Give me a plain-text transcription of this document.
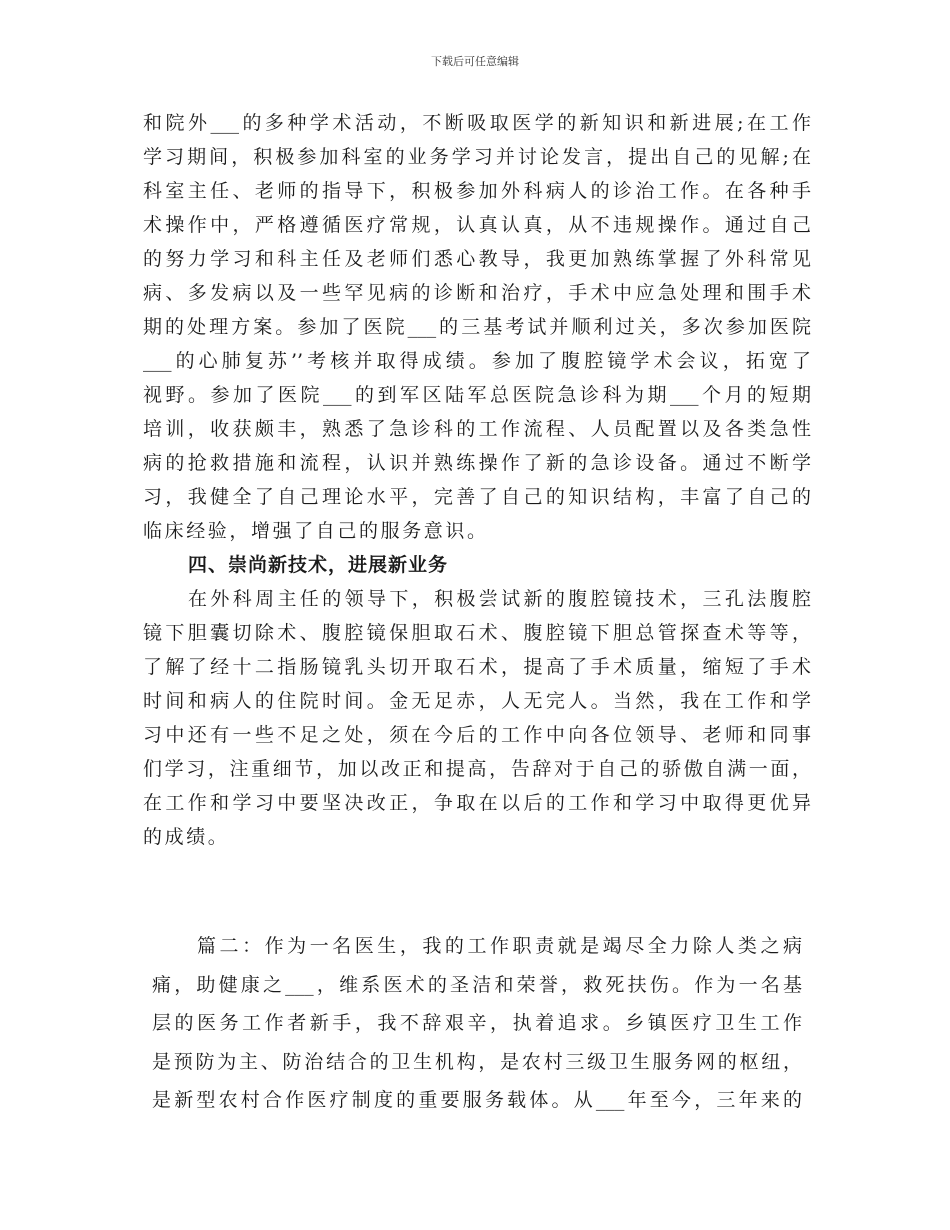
下载后可任意编辑
和院外___的多种学术活动，不断吸取医学的新知识和新进展;在工作
学习期间，积极参加科室的业务学习并讨论发言，提出自己的见解;在
科室主任、老师的指导下，积极参加外科病人的诊治工作。在各种手
术操作中，严格遵循医疗常规，认真认真，从不违规操作。通过自己
的努力学习和科主任及老师们悉心教导，我更加熟练掌握了外科常见
病、多发病以及一些罕见病的诊断和治疗，手术中应急处理和围手术
期的处理方案。参加了医院___的三基考试并顺利过关，多次参加医院
___的心肺复苏’’考核并取得成绩。参加了腹腔镜学术会议，拓宽了
视野。参加了医院___的到军区陆军总医院急诊科为期___个月的短期
培训，收获颇丰，熟悉了急诊科的工作流程、人员配置以及各类急性
病的抢救措施和流程，认识并熟练操作了新的急诊设备。通过不断学
习，我健全了自己理论水平，完善了自己的知识结构，丰富了自己的
临床经验，增强了自己的服务意识。
四、崇尚新技术，进展新业务
在外科周主任的领导下，积极尝试新的腹腔镜技术，三孔法腹腔
镜下胆囊切除术、腹腔镜保胆取石术、腹腔镜下胆总管探查术等等，
了解了经十二指肠镜乳头切开取石术，提高了手术质量，缩短了手术
时间和病人的住院时间。金无足赤，人无完人。当然，我在工作和学
习中还有一些不足之处，须在今后的工作中向各位领导、老师和同事
们学习，注重细节，加以改正和提高，告辞对于自己的骄傲自满一面，
在工作和学习中要坚决改正，争取在以后的工作和学习中取得更优异
的成绩。
篇二：作为一名医生，我的工作职责就是竭尽全力除人类之病
痛，助健康之___，维系医术的圣洁和荣誉，救死扶伤。作为一名基
层的医务工作者新手，我不辞艰辛，执着追求。乡镇医疗卫生工作
是预防为主、防治结合的卫生机构，是农村三级卫生服务网的枢纽，
是新型农村合作医疗制度的重要服务载体。从___年至今，三年来的
